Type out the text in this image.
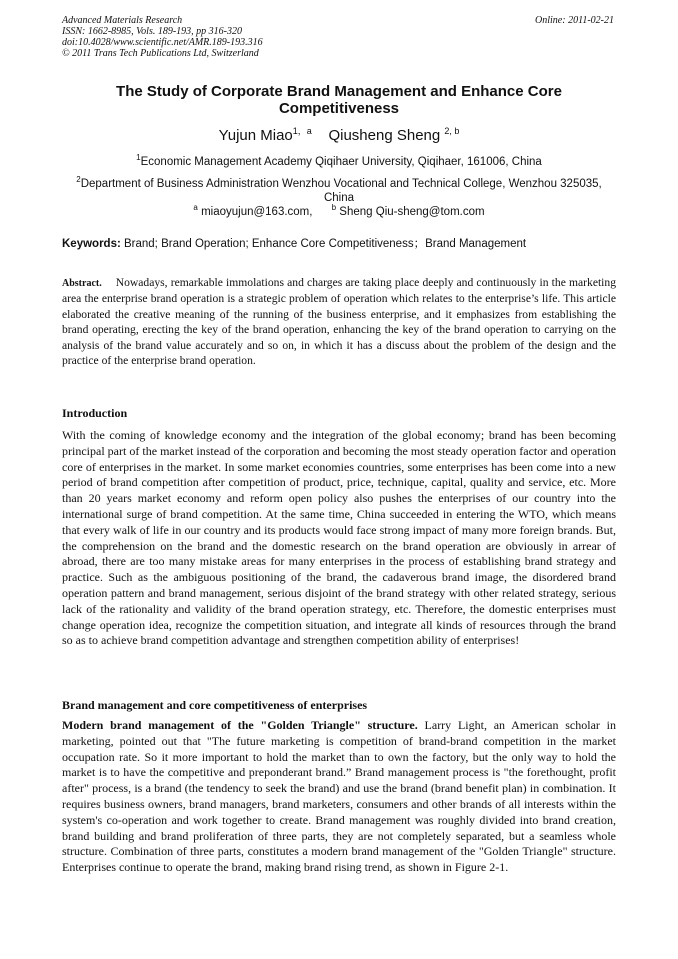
Advanced Materials Research
ISSN: 1662-8985, Vols. 189-193, pp 316-320
doi:10.4028/www.scientific.net/AMR.189-193.316
© 2011 Trans Tech Publications Ltd, Switzerland
Online: 2011-02-21
The Study of Corporate Brand Management and Enhance Core Competitiveness
Yujun Miao$^{1,a}$ Qiusheng Sheng $^{2, b}$
$^1$Economic Management Academy Qiqihaer University, Qiqihaer, 161006, China
$^2$Department of Business Administration Wenzhou Vocational and Technical College, Wenzhou 325035, China
$^a$ miaoyujun@163.com, $^b$ Sheng Qiu-sheng@tom.com
Keywords: Brand; Brand Operation; Enhance Core Competitiveness；Brand Management
Abstract. Nowadays, remarkable immolations and charges are taking place deeply and continuously in the marketing area the enterprise brand operation is a strategic problem of operation which relates to the enterprise’s life. This article elaborated the creative meaning of the running of the business enterprise, and it emphasizes from establishing the brand operating, erecting the key of the brand operation, enhancing the key of the brand operation to carrying on the analysis of the brand value accurately and so on, in which it has a discuss about the problem of the design and the practice of the enterprise brand operation.
Introduction
With the coming of knowledge economy and the integration of the global economy; brand has been becoming principal part of the market instead of the corporation and becoming the most steady operation factor and operation core of enterprises in the market. In some market economies countries, some enterprises has been come into a new period of brand competition after competition of product, price, technique, capital, quality and service, etc. More than 20 years market economy and reform open policy also pushes the enterprises of our country into the international surge of brand competition. At the same time, China succeeded in entering the WTO, which means that every walk of life in our country and its products would face strong impact of many more foreign brands. But, the comprehension on the brand and the domestic research on the brand operation are obviously in arrear of abroad, there are too many mistake areas for many enterprises in the process of establishing brand strategy and practice. Such as the ambiguous positioning of the brand, the cadaverous brand image, the disordered brand operation pattern and brand management, serious disjoint of the brand strategy with other related strategy, serious lack of the rationality and validity of the brand operation strategy, etc. Therefore, the domestic enterprises must change operation idea, recognize the competition situation, and integrate all kinds of resources through the brand so as to achieve brand competition advantage and strengthen competition ability of enterprises!
Brand management and core competitiveness of enterprises
Modern brand management of the "Golden Triangle" structure. Larry Light, an American scholar in marketing, pointed out that "The future marketing is competition of brand-brand competition in the market occupation rate. So it more important to hold the market than to own the factory, but the only way to hold the market is to have the competitive and preponderant brand.” Brand management process is "the forethought, profit after" process, is a brand (the tendency to seek the brand) and use the brand (brand benefit plan) in combination. It requires business owners, brand managers, brand marketers, consumers and other brands of all interests within the system's co-operation and work together to create. Brand management was roughly divided into brand creation, brand building and brand proliferation of three parts, they are not completely separated, but a seamless whole structure. Combination of three parts, constitutes a modern brand management of the "Golden Triangle" structure. Enterprises continue to operate the brand, making brand rising trend, as shown in Figure 2-1.
